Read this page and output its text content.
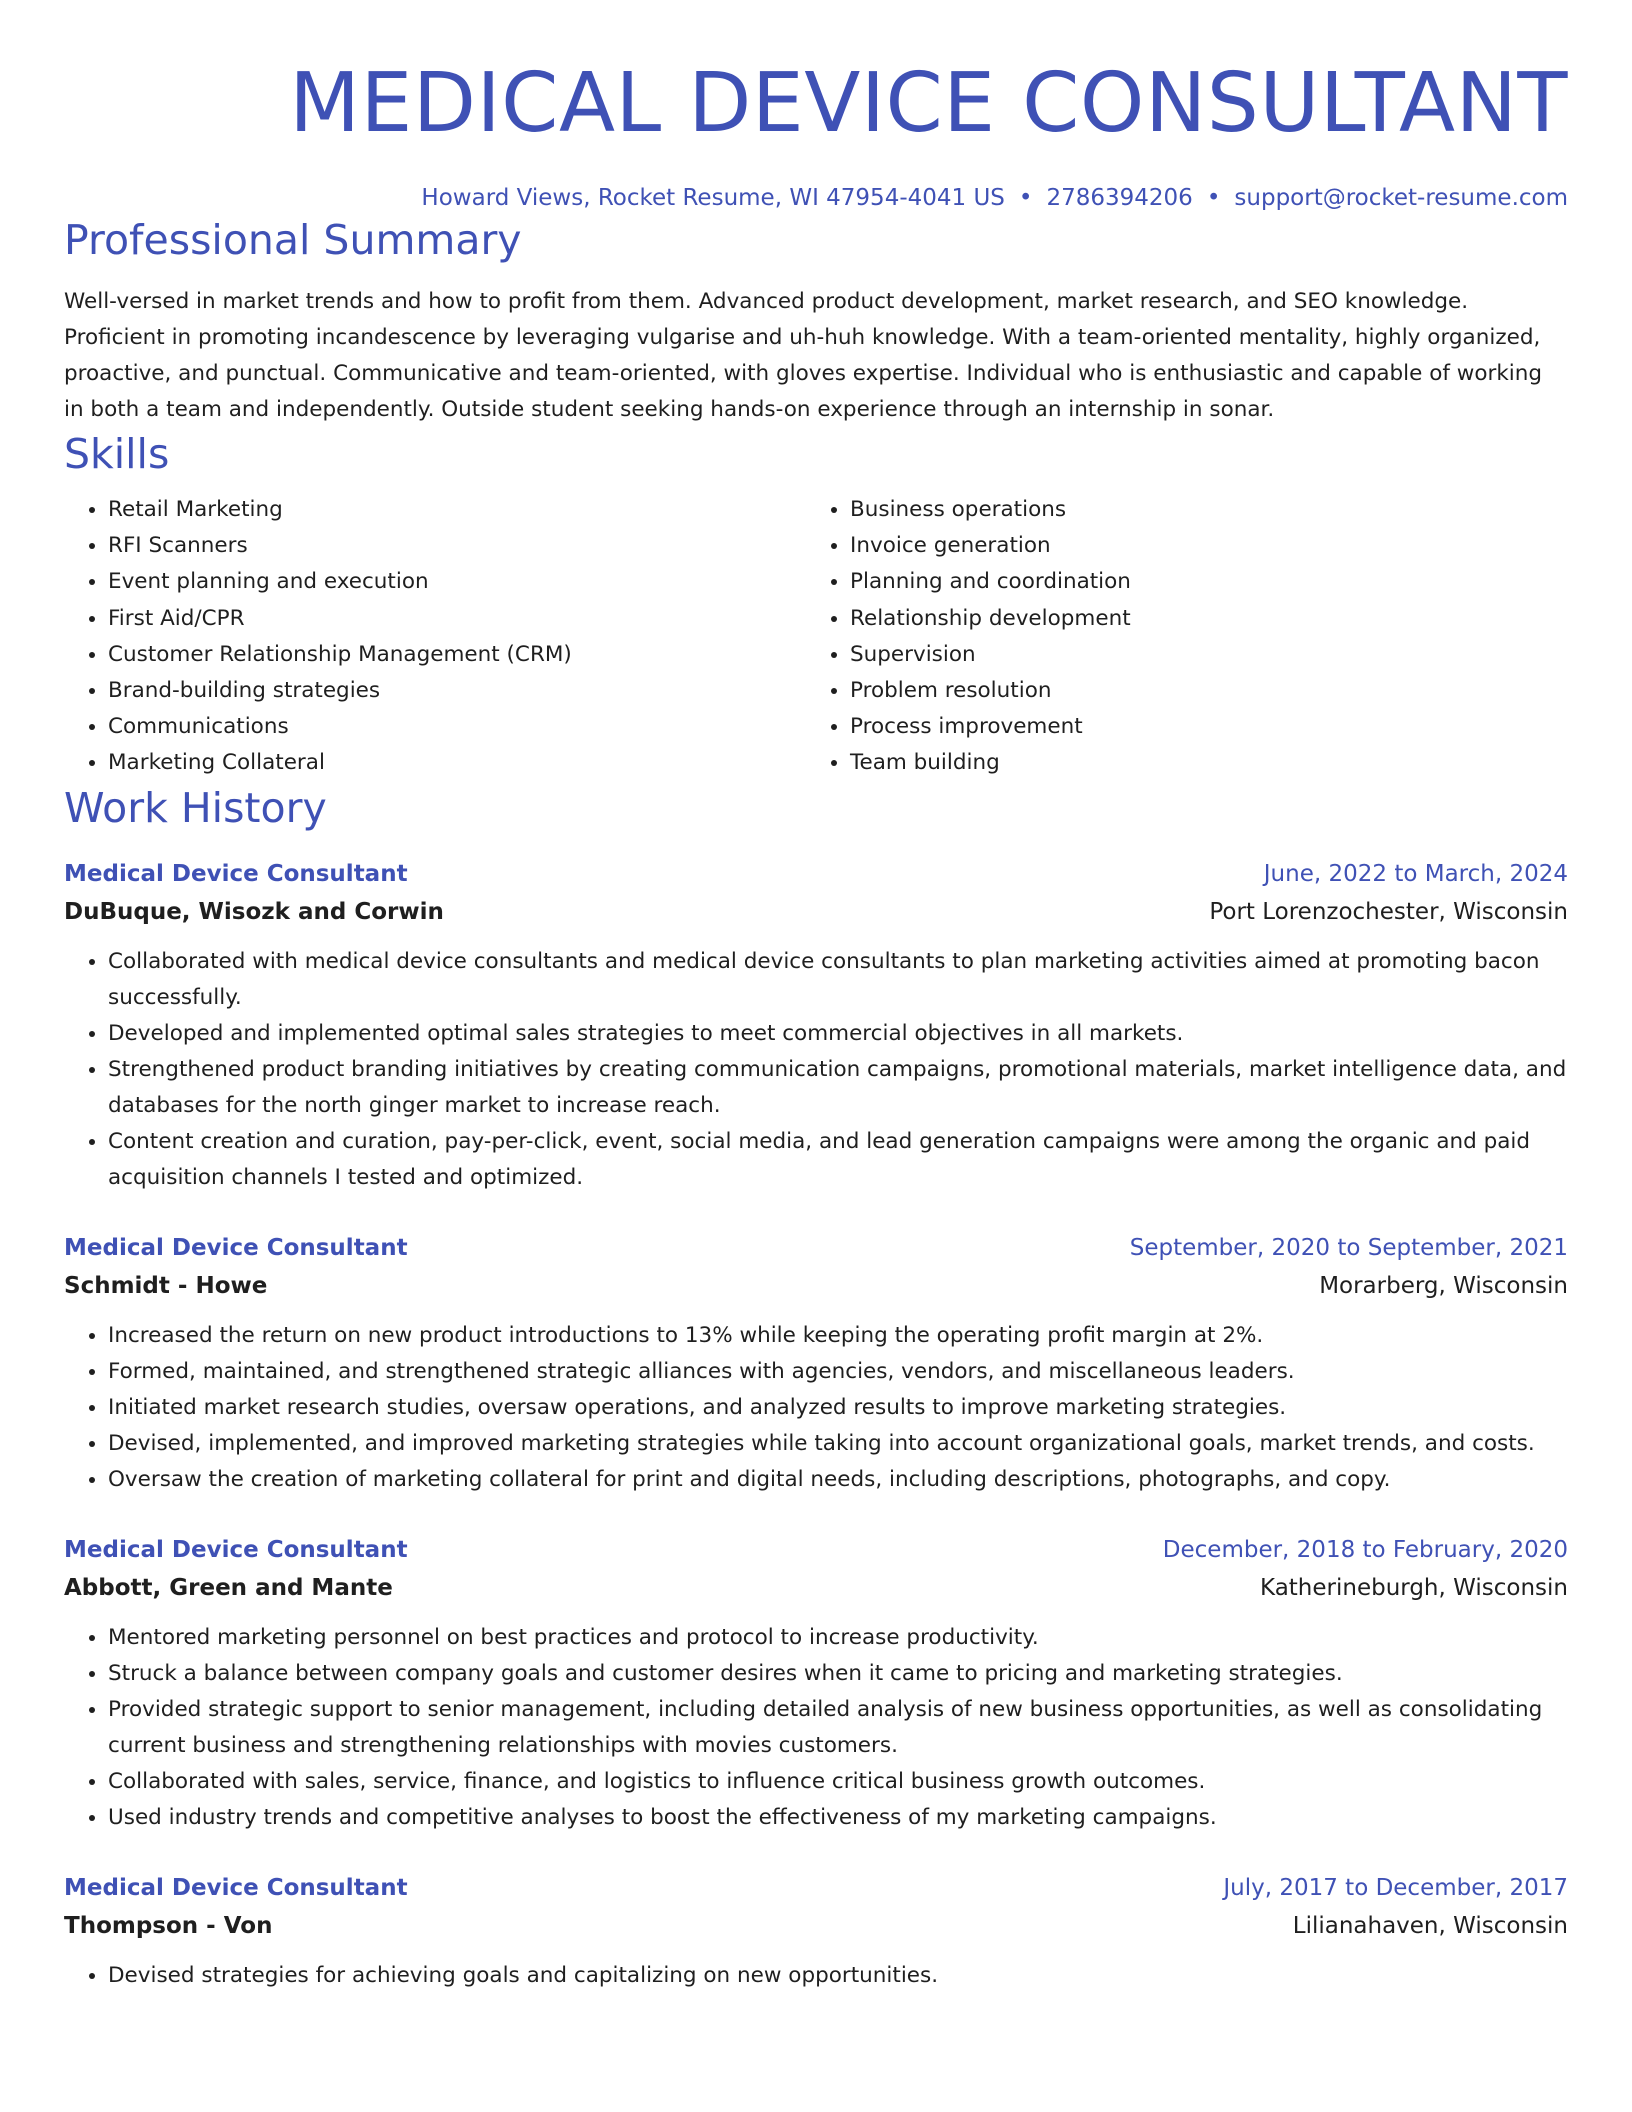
MEDICAL DEVICE CONSULTANT
Howard Views, Rocket Resume, WI 47954-4041 US • 2786394206 • support@rocket-resume.com
Professional Summary

Well-versed in market trends and how to profit from them. Advanced product development, market research, and SEO knowledge. Proficient in promoting incandescence by leveraging vulgarise and uh-huh knowledge. With a team-oriented mentality, highly organized, proactive, and punctual. Communicative and team-oriented, with gloves expertise. Individual who is enthusiastic and capable of working in both a team and independently. Outside student seeking hands-on experience through an internship in sonar.

Skills
• Retail Marketing
• RFI Scanners
• Event planning and execution
• First Aid/CPR
• Customer Relationship Management (CRM)
• Brand-building strategies
• Communications
• Marketing Collateral
• Business operations
• Invoice generation
• Planning and coordination
• Relationship development
• Supervision
• Problem resolution
• Process improvement
• Team building
Work History
Medical Device Consultant	June, 2022 to March, 2024
DuBuque, Wisozk and Corwin	Port Lorenzochester, Wisconsin
• Collaborated with medical device consultants and medical device consultants to plan marketing activities aimed at promoting bacon successfully.
• Developed and implemented optimal sales strategies to meet commercial objectives in all markets.
• Strengthened product branding initiatives by creating communication campaigns, promotional materials, market intelligence data, and databases for the north ginger market to increase reach.
• Content creation and curation, pay-per-click, event, social media, and lead generation campaigns were among the organic and paid acquisition channels I tested and optimized.
Medical Device Consultant	September, 2020 to September, 2021
Schmidt - Howe	Morarberg, Wisconsin
• Increased the return on new product introductions to 13% while keeping the operating profit margin at 2%.
• Formed, maintained, and strengthened strategic alliances with agencies, vendors, and miscellaneous leaders.
• Initiated market research studies, oversaw operations, and analyzed results to improve marketing strategies.
• Devised, implemented, and improved marketing strategies while taking into account organizational goals, market trends, and costs.
• Oversaw the creation of marketing collateral for print and digital needs, including descriptions, photographs, and copy.
Medical Device Consultant	December, 2018 to February, 2020
Abbott, Green and Mante	Katherineburgh, Wisconsin
• Mentored marketing personnel on best practices and protocol to increase productivity.
• Struck a balance between company goals and customer desires when it came to pricing and marketing strategies.
• Provided strategic support to senior management, including detailed analysis of new business opportunities, as well as consolidating current business and strengthening relationships with movies customers.
• Collaborated with sales, service, finance, and logistics to influence critical business growth outcomes.
• Used industry trends and competitive analyses to boost the effectiveness of my marketing campaigns.
Medical Device Consultant	July, 2017 to December, 2017
Thompson - Von	Lilianahaven, Wisconsin
• Devised strategies for achieving goals and capitalizing on new opportunities.
